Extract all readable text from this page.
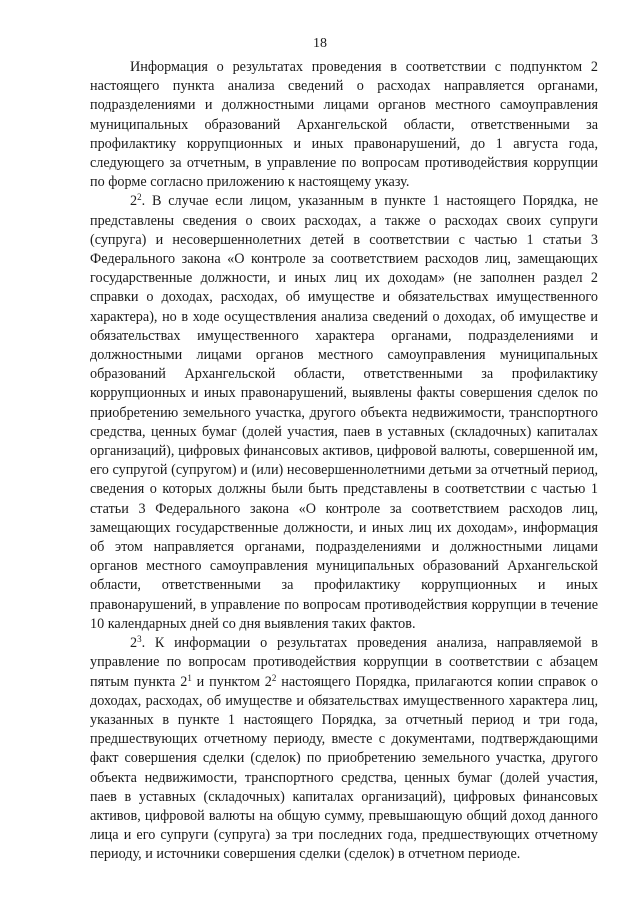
18

Информация о результатах проведения в соответствии с подпунктом 2 настоящего пункта анализа сведений о расходах направляется органами, подразделениями и должностными лицами органов местного самоуправления муниципальных образований Архангельской области, ответственными за профилактику коррупционных и иных правонарушений, до 1 августа года, следующего за отчетным, в управление по вопросам противодействия коррупции по форме согласно приложению к настоящему указу.

$2^2$. В случае если лицом, указанным в пункте 1 настоящего Порядка, не представлены сведения о своих расходах, а также о расходах своих супруги (супруга) и несовершеннолетних детей в соответствии с частью 1 статьи 3 Федерального закона «О контроле за соответствием расходов лиц, замещающих государственные должности, и иных лиц их доходам» (не заполнен раздел 2 справки о доходах, расходах, об имуществе и обязательствах имущественного характера), но в ходе осуществления анализа сведений о доходах, об имуществе и обязательствах имущественного характера органами, подразделениями и должностными лицами органов местного самоуправления муниципальных образований Архангельской области, ответственными за профилактику коррупционных и иных правонарушений, выявлены факты совершения сделок по приобретению земельного участка, другого объекта недвижимости, транспортного средства, ценных бумаг (долей участия, паев в уставных (складочных) капиталах организаций), цифровых финансовых активов, цифровой валюты, совершенной им, его супругой (супругом) и (или) несовершеннолетними детьми за отчетный период, сведения о которых должны были быть представлены в соответствии с частью 1 статьи 3 Федерального закона «О контроле за соответствием расходов лиц, замещающих государственные должности, и иных лиц их доходам», информация об этом направляется органами, подразделениями и должностными лицами органов местного самоуправления муниципальных образований Архангельской области, ответственными за профилактику коррупционных и иных правонарушений, в управление по вопросам противодействия коррупции в течение 10 календарных дней со дня выявления таких фактов.

$2^3$. К информации о результатах проведения анализа, направляемой в управление по вопросам противодействия коррупции в соответствии с абзацем пятым пункта $2^1$ и пунктом $2^2$ настоящего Порядка, прилагаются копии справок о доходах, расходах, об имуществе и обязательствах имущественного характера лиц, указанных в пункте 1 настоящего Порядка, за отчетный период и три года, предшествующих отчетному периоду, вместе с документами, подтверждающими факт совершения сделки (сделок) по приобретению земельного участка, другого объекта недвижимости, транспортного средства, ценных бумаг (долей участия, паев в уставных (складочных) капиталах организаций), цифровых финансовых активов, цифровой валюты на общую сумму, превышающую общий доход данного лица и его супруги (супруга) за три последних года, предшествующих отчетному периоду, и источники совершения сделки (сделок) в отчетном периоде.
